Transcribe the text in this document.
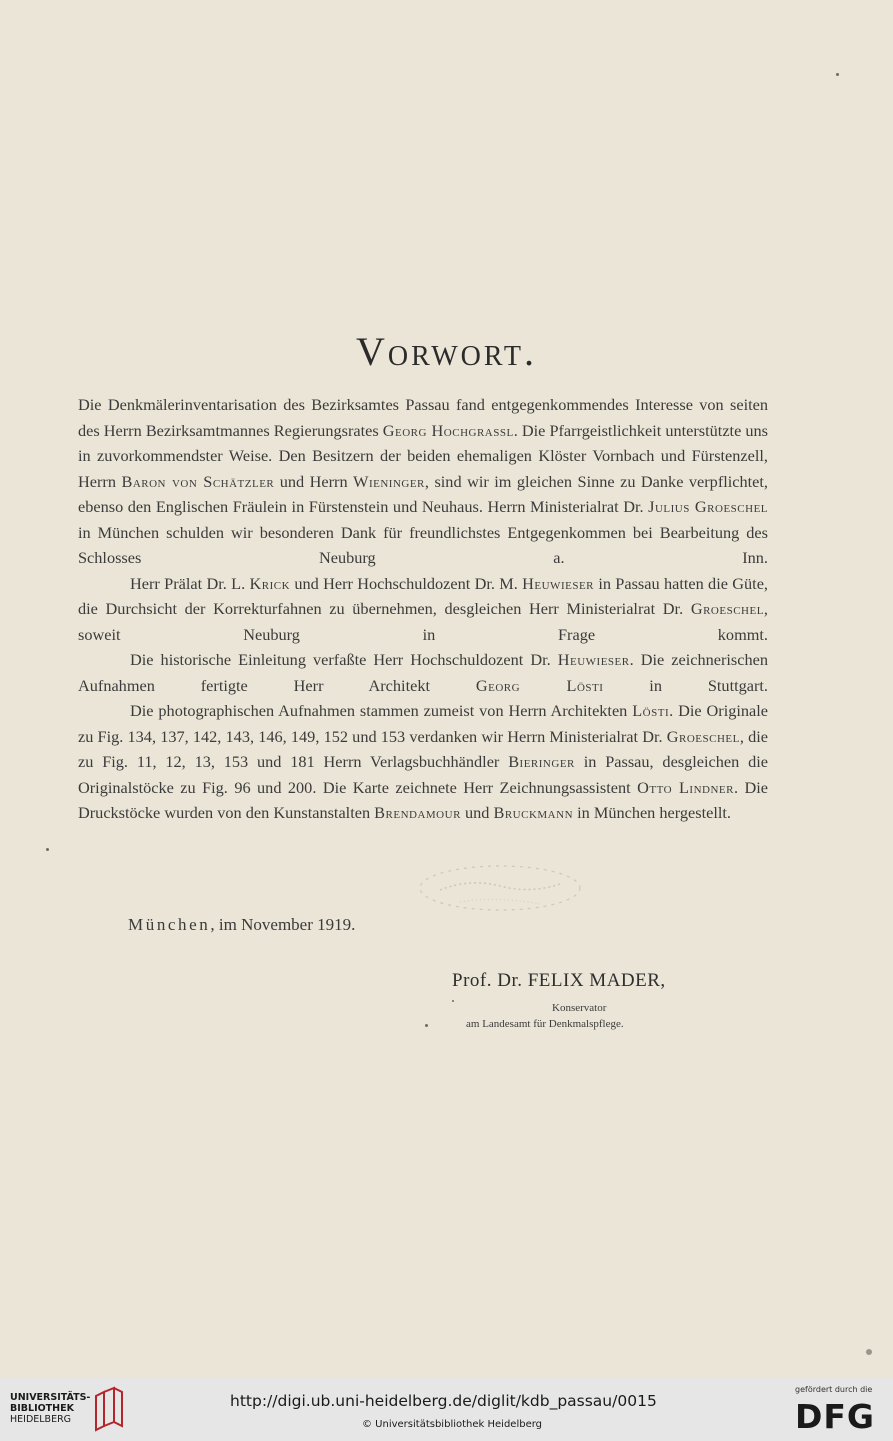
Vorwort.

Die Denkmälerinventarisation des Bezirksamtes Passau fand entgegenkommendes Interesse von seiten des Herrn Bezirksamtmannes Regierungsrates Georg Hochgrassl. Die Pfarrgeistlichkeit unterstützte uns in zuvorkommendster Weise. Den Besitzern der beiden ehemaligen Klöster Vornbach und Fürstenzell, Herrn Baron von Schätzler und Herrn Wieninger, sind wir im gleichen Sinne zu Danke verpflichtet, ebenso den Englischen Fräulein in Fürstenstein und Neuhaus. Herrn Ministerialrat Dr. Julius Groeschel in München schulden wir besonderen Dank für freundlichstes Entgegenkommen bei Bearbeitung des Schlosses Neuburg a. Inn.

Herr Prälat Dr. L. Krick und Herr Hochschuldozent Dr. M. Heuwieser in Passau hatten die Güte, die Durchsicht der Korrekturfahnen zu übernehmen, desgleichen Herr Ministerialrat Dr. Groeschel, soweit Neuburg in Frage kommt.

Die historische Einleitung verfaßte Herr Hochschuldozent Dr. Heuwieser. Die zeichnerischen Aufnahmen fertigte Herr Architekt Georg Lösti in Stuttgart.

Die photographischen Aufnahmen stammen zumeist von Herrn Architekten Lösti. Die Originale zu Fig. 134, 137, 142, 143, 146, 149, 152 und 153 verdanken wir Herrn Ministerialrat Dr. Groeschel, die zu Fig. 11, 12, 13, 153 und 181 Herrn Verlagsbuchhändler Bieringer in Passau, desgleichen die Originalstöcke zu Fig. 96 und 200. Die Karte zeichnete Herr Zeichnungsassistent Otto Lindner. Die Druckstöcke wurden von den Kunstanstalten Brendamour und Bruckmann in München hergestellt.

München, im November 1919.
Prof. Dr. FELIX MADER,
Konservator
am Landesamt für Denkmalspflege.
UNIVERSITÄTS-
BIBLIOTHEK
HEIDELBERG
http://digi.ub.uni-heidelberg.de/diglit/kdb_passau/0015
© Universitätsbibliothek Heidelberg
gefördert durch die
DFG
